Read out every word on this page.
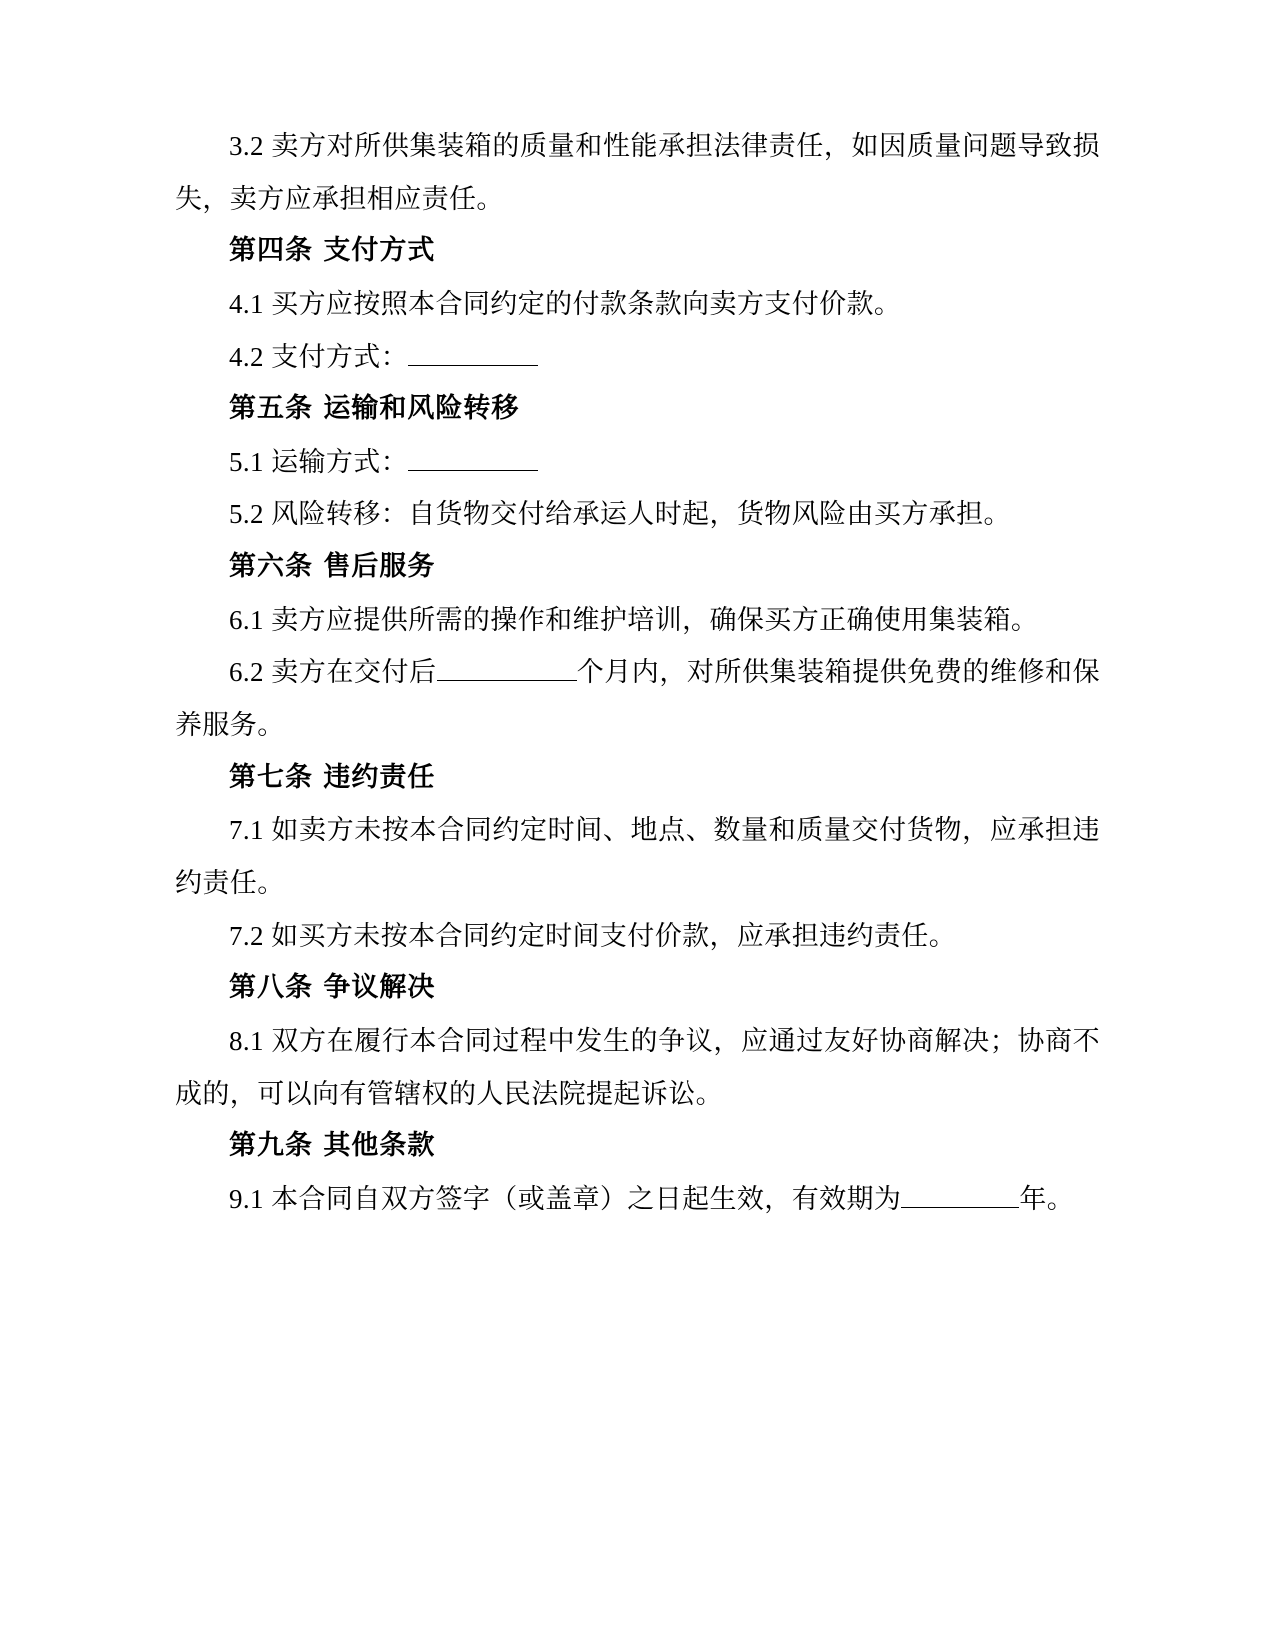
3.2 卖方对所供集装箱的质量和性能承担法律责任，如因质量问题导致损失，卖方应承担相应责任。

第四条 支付方式

4.1 买方应按照本合同约定的付款条款向卖方支付价款。

4.2 支付方式：

第五条 运输和风险转移

5.1 运输方式：

5.2 风险转移：自货物交付给承运人时起，货物风险由买方承担。

第六条 售后服务

6.1 卖方应提供所需的操作和维护培训，确保买方正确使用集装箱。

6.2 卖方在交付后	个月内，对所供集装箱提供免费的维修和保养服务。

第七条 违约责任

7.1 如卖方未按本合同约定时间、地点、数量和质量交付货物，应承担违约责任。

7.2 如买方未按本合同约定时间支付价款，应承担违约责任。

第八条 争议解决

8.1 双方在履行本合同过程中发生的争议，应通过友好协商解决；协商不成的，可以向有管辖权的人民法院提起诉讼。

第九条 其他条款

9.1 本合同自双方签字（或盖章）之日起生效，有效期为	年。
